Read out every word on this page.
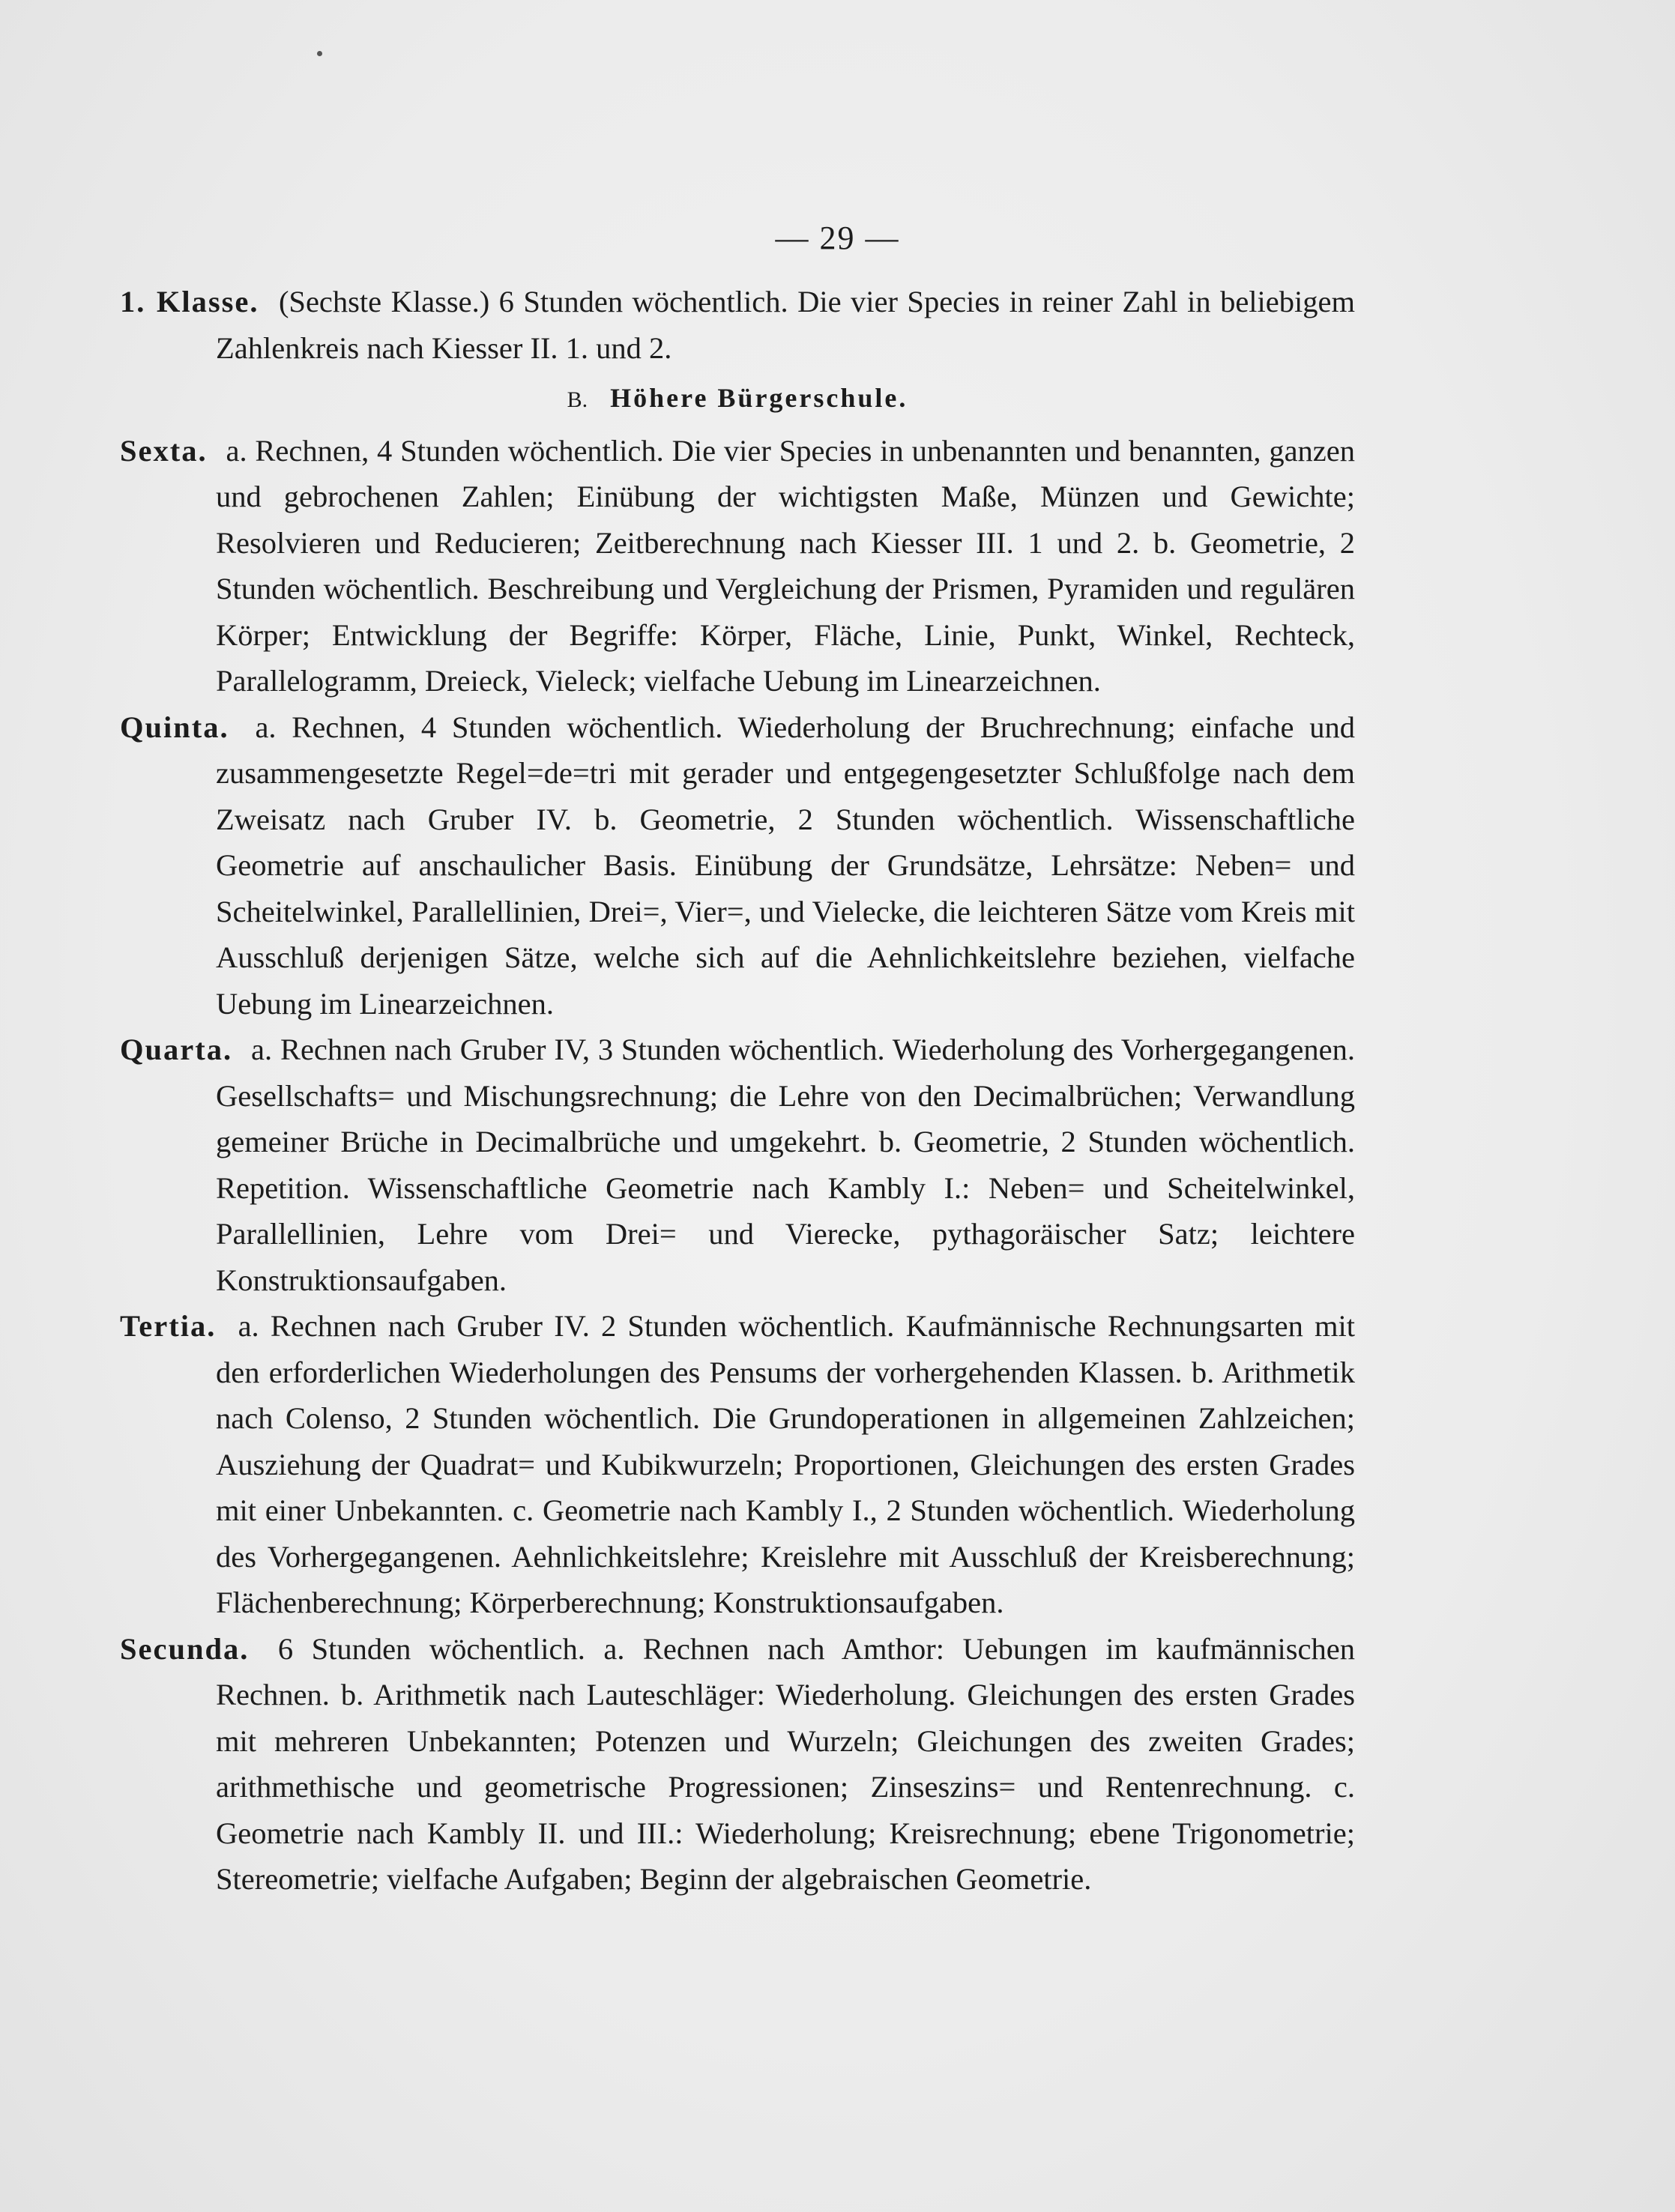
— 29 —

1. Klasse. (Sechste Klasse.) 6 Stunden wöchentlich. Die vier Species in reiner Zahl in beliebigem Zahlenkreis nach Kiesser II. 1. und 2.

B. Höhere Bürgerschule.

Sexta. a. Rechnen, 4 Stunden wöchentlich. Die vier Species in unbenannten und benannten, ganzen und gebrochenen Zahlen; Einübung der wichtigsten Maße, Münzen und Gewichte; Resolvieren und Reducieren; Zeitberechnung nach Kiesser III. 1 und 2. b. Geometrie, 2 Stunden wöchentlich. Beschreibung und Vergleichung der Prismen, Pyramiden und regulären Körper; Entwicklung der Begriffe: Körper, Fläche, Linie, Punkt, Winkel, Rechteck, Parallelogramm, Dreieck, Vieleck; vielfache Uebung im Linearzeichnen.

Quinta. a. Rechnen, 4 Stunden wöchentlich. Wiederholung der Bruchrechnung; einfache und zusammengesetzte Regel=de=tri mit gerader und entgegengesetzter Schlußfolge nach dem Zweisatz nach Gruber IV. b. Geometrie, 2 Stunden wöchentlich. Wissenschaftliche Geometrie auf anschaulicher Basis. Einübung der Grundsätze, Lehrsätze: Neben= und Scheitelwinkel, Parallellinien, Drei=, Vier=, und Vielecke, die leichteren Sätze vom Kreis mit Ausschluß derjenigen Sätze, welche sich auf die Aehnlichkeitslehre beziehen, vielfache Uebung im Linearzeichnen.

Quarta. a. Rechnen nach Gruber IV, 3 Stunden wöchentlich. Wiederholung des Vorhergegangenen. Gesellschafts= und Mischungsrechnung; die Lehre von den Decimalbrüchen; Verwandlung gemeiner Brüche in Decimalbrüche und umgekehrt. b. Geometrie, 2 Stunden wöchentlich. Repetition. Wissenschaftliche Geometrie nach Kambly I.: Neben= und Scheitelwinkel, Parallellinien, Lehre vom Drei= und Vierecke, pythagoräischer Satz; leichtere Konstruktionsaufgaben.

Tertia. a. Rechnen nach Gruber IV. 2 Stunden wöchentlich. Kaufmännische Rechnungsarten mit den erforderlichen Wiederholungen des Pensums der vorhergehenden Klassen. b. Arithmetik nach Colenso, 2 Stunden wöchentlich. Die Grundoperationen in allgemeinen Zahlzeichen; Ausziehung der Quadrat= und Kubikwurzeln; Proportionen, Gleichungen des ersten Grades mit einer Unbekannten. c. Geometrie nach Kambly I., 2 Stunden wöchentlich. Wiederholung des Vorhergegangenen. Aehnlichkeitslehre; Kreislehre mit Ausschluß der Kreisberechnung; Flächenberechnung; Körperberechnung; Konstruktionsaufgaben.

Secunda. 6 Stunden wöchentlich. a. Rechnen nach Amthor: Uebungen im kaufmännischen Rechnen. b. Arithmetik nach Lauteschläger: Wiederholung. Gleichungen des ersten Grades mit mehreren Unbekannten; Potenzen und Wurzeln; Gleichungen des zweiten Grades; arithmethische und geometrische Progressionen; Zinseszins= und Rentenrechnung. c. Geometrie nach Kambly II. und III.: Wiederholung; Kreisrechnung; ebene Trigonometrie; Stereometrie; vielfache Aufgaben; Beginn der algebraischen Geometrie.
